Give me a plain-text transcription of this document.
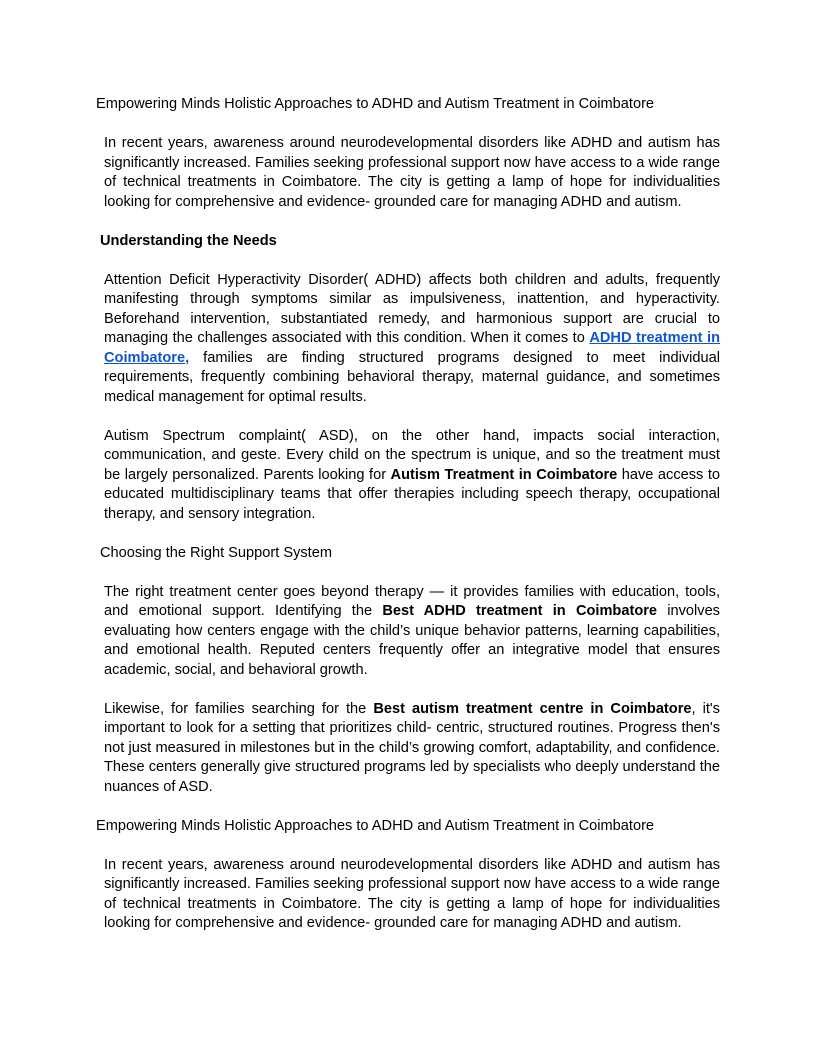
Empowering Minds Holistic Approaches to ADHD and Autism Treatment in Coimbatore

In recent years, awareness around neurodevelopmental disorders like ADHD and autism has significantly increased. Families seeking professional support now have access to a wide range of technical treatments in Coimbatore. The city is getting a lamp of hope for individualities looking for comprehensive and evidence- grounded care for managing ADHD and autism.

Understanding the Needs

Attention Deficit Hyperactivity Disorder( ADHD) affects both children and adults, frequently manifesting through symptoms similar as impulsiveness, inattention, and hyperactivity. Beforehand intervention, substantiated remedy, and harmonious support are crucial to managing the challenges associated with this condition. When it comes to ADHD treatment in Coimbatore, families are finding structured programs designed to meet individual requirements, frequently combining behavioral therapy, maternal guidance, and sometimes medical management for optimal results.

Autism Spectrum complaint( ASD), on the other hand, impacts social interaction, communication, and geste. Every child on the spectrum is unique, and so the treatment must be largely personalized. Parents looking for Autism Treatment in Coimbatore have access to educated multidisciplinary teams that offer therapies including speech therapy, occupational therapy, and sensory integration.

Choosing the Right Support System

The right treatment center goes beyond therapy — it provides families with education, tools, and emotional support. Identifying the Best ADHD treatment in Coimbatore involves evaluating how centers engage with the child’s unique behavior patterns, learning capabilities, and emotional health. Reputed centers frequently offer an integrative model that ensures academic, social, and behavioral growth.

Likewise, for families searching for the Best autism treatment centre in Coimbatore, it's important to look for a setting that prioritizes child- centric, structured routines. Progress then's not just measured in milestones but in the child’s growing comfort, adaptability, and confidence. These centers generally give structured programs led by specialists who deeply understand the nuances of ASD.

Empowering Minds Holistic Approaches to ADHD and Autism Treatment in Coimbatore

In recent years, awareness around neurodevelopmental disorders like ADHD and autism has significantly increased. Families seeking professional support now have access to a wide range of technical treatments in Coimbatore. The city is getting a lamp of hope for individualities looking for comprehensive and evidence- grounded care for managing ADHD and autism.
